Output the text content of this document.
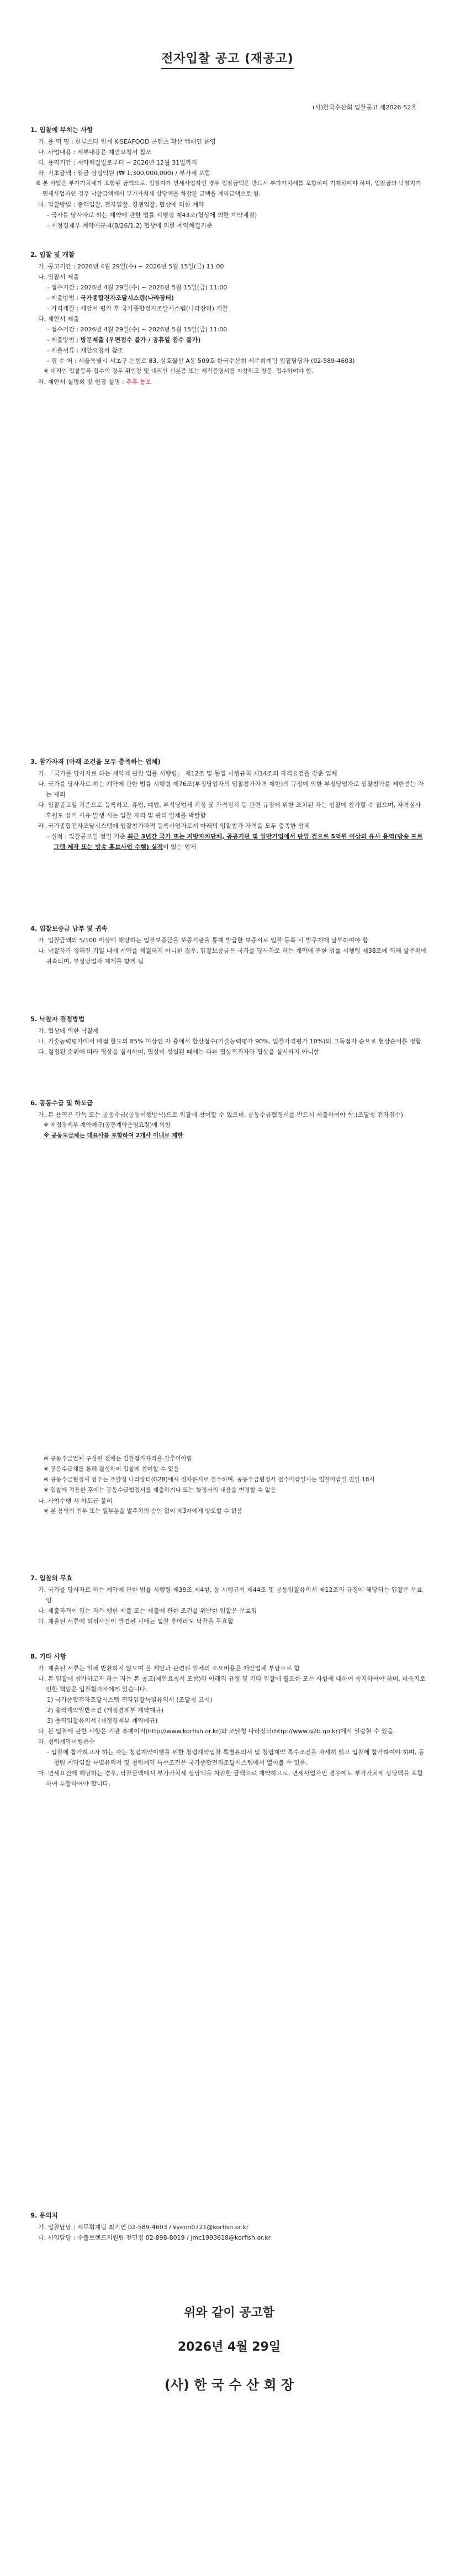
전자입찰 공고 (재공고)
(사)한국수산회 입찰공고 제2026-52호
1. 입찰에 부치는 사항

가. 용 역 명 : 한류스타 연계 K-SEAFOOD 콘텐츠 확산 캠페인 운영

나. 사업내용 : 세부내용은 제안요청서 참조

다. 용역기간 : 계약체결일로부터 ~ 2026년 12월 31일까지

라. 기초금액 : 일금 삼십억원 (₩ 1,300,000,000) / 부가세 포함

※ 본 사업은 부가가치세가 포함된 금액으로, 입찰자가 면세사업자인 경우 입찰금액은 반드시 부가가치세를 포함하여 기재하여야 하며, 입찰금과 낙찰자가 면세사업자인 경우 낙찰금액에서 부가가치세 상당액을 차감한 금액을 계약금액으로 함.

마. 입찰방법 : 총액입찰, 전자입찰, 경쟁입찰, 협상에 의한 계약

- 국가를 당사자로 하는 계약에 관한 법률 시행령 제43조(협상에 의한 계약체결)

- 재정경제부 계약예규-4(8/26/1.2) 협상에 의한 계약체결기준

2. 입찰 및 개찰

가. 공고기간 : 2026년 4월 29일(수) ~ 2026년 5월 15일(금) 11:00

나. 입찰서 제출

- 접수기간 : 2026년 4월 29일(수) ~ 2026년 5월 15일(금) 11:00

- 제출방법 : 국가종합전자조달시스템(나라장터)

- 가격개찰 : 제안서 평가 후 국가종합전자조달시스템(나라장터) 개찰

다. 제안서 제출

- 접수기간 : 2026년 4월 29일(수) ~ 2026년 5월 15일(금) 11:00

- 제출방법 : 방문제출 (우편접수 불가 / 공휴일 접수 불가)

- 제출서류 : 제안요청서 참조

- 접 수 처 : 서울특별시 서초구 논현로 83, 삼호물산 A동 509호 한국수산회 세무회계팀 입찰담당자 (02-589-4603)

※ 대리인 입찰등록 접수의 경우 위임장 및 대리인 신분증 또는 재직증명서를 지참하고 방문, 접수하여야 함.

라. 제안서 설명회 및 현장 설명 : 추후 통보

3. 참가자격 (아래 조건을 모두 충족하는 업체)

가. 「국가를 당사자로 하는 계약에 관한 법률 시행령」 제12조 및 동법 시행규칙 제14조의 자격요건을 갖춘 업체

나. 국가를 당사자로 하는 계약에 관한 법률 시행령 제76조(부정당업자의 입찰참가자격 제한)의 규정에 의한 부정당업자로 입찰참가를 제한받는 자는 제외

다. 입찰공고일 기준으로 등록하고, 휴업, 폐업, 부적당업체 지정 및 자격정지 등 관련 규정에 위한 조치된 자는 입찰에 참가할 수 없으며, 자격심사 후원도 상기 사유 발생 시는 입찰 자격 및 관리 일체를 박탈함

라. 국가종합전자조달시스템에 입찰참가자격 등록사업자로서 아래의 입찰참가 자격을 모두 충족한 업체

- 실적 : 입찰공고일 전일 기준 최근 3년간 국가 또는 지방자치단체, 공공기관 및 일반기업에서 단일 건으로 5억원 이상의 유사 용역(방송 프로그램 제작 또는 방송 홍보사업 수행) 실적이 있는 업체

4. 입찰보증금 납부 및 귀속

가. 입찰금액의 5/100 이상에 해당하는 입찰보증금을 보증기관을 통해 발급한 보증서로 입찰 등록 시 발주처에 납부하여야 함

나. 낙찰자가 정해진 기일 내에 계약을 체결하지 아니한 경우, 입찰보증금은 국가를 당사자로 하는 계약에 관한 법률 시행령 제38조에 의해 발주처에 귀속되며, 부정당업자 제재를 받게 됨

5. 낙찰자 결정방법

가. 협상에 의한 낙찰제

나. 기술능력평가에서 배점 한도의 85% 이상인 자 중에서 합산점수(기술능력평가 90%, 입찰가격평가 10%)의 고득점자 순으로 협상순서를 정함

다. 결정된 순위에 따라 협상을 실시하며, 협상이 성립된 때에는 다른 협상적격자와 협상을 실시하지 아니함

6. 공동수급 및 하도급

가. 본 용역은 단독 또는 공동수급(공동이행방식)으로 입찰에 참여할 수 있으며, 공동수급협정서를 반드시 제출하여야 함.(조달청 전자접수)

※ 재정경제부 계약예규(공동계약운영요령)에 의함

※ 공동도급체는 대표사를 포함하여 2개사 이내로 제한

※ 공동수급업체 구성원 전체는 입찰참가자격을 갖추어야함

※ 공동수급체를 통해 결성하여 입찰에 참여할 수 없음

※ 공동수급협정서 접수는 조달청 나라장터(G2B)에서 전자문서로 접수하며, 공동수급협정서 접수마감일시는 입찰마감일 전일 18시

※ 입찰에 적용한 후에는 공동수급협정서를 제출하거나 또는 합정서의 내용을 변경할 수 없음

나. 사업수행 시 하도급 불허

※ 본 용역의 전부 또는 일부분을 발주처의 승인 없이 제3자에게 양도할 수 없음

7. 입찰의 무효

가. 국가를 당사자로 하는 계약에 관한 법률 시행령 제39조 제4항, 동 시행규칙 제44조 및 공동입찰유의서 제12조의 규정에 해당되는 입찰은 무효임

나. 제출자격이 없는 자가 행한 제출 또는 제출에 관한 조건을 위반한 입찰은 무효임

다. 제출된 서류에 허위사실이 발견될 시에는 입찰 후에라도 낙찰을 무효함

8. 기타 사항

가. 제출된 서류는 일체 반환하지 않으며 본 제안과 관련된 일체의 소요비용은 제안업체 부담으로 함

나. 본 입찰에 참가하고자 하는 자는 본 공고(제안요청서 포함)와 아래의 규정 및 기타 입찰에 필요한 모든 사항에 대하여 숙지하여야 하며, 미숙지로 인한 책임은 입찰참가자에게 있습니다.

1) 국가종합전자조달시스템 전자입찰특별유의서 (조달청 고시)

2) 용역계약일반조건 (재정경제부 계약예규)

3) 용역입찰유의서 (재정경제부 계약예규)

다. 본 입찰에 관한 사항은 기관 홈페이지(http://www.korfish.or.kr)와 조달청 나라장터(http://www.g2b.go.kr)에서 열람할 수 있음.

라. 청렴계약이행준수

- 입찰에 참가하고자 하는 자는 청렴계약이행을 위한 청렴계약입찰 특별유의서 및 청렴계약 특수조건을 자세히 읽고 입찰에 참가하여야 하며, 동 청렴 계약입찰 특별유의서 및 청렴계약 특수조건은 국가종합전자조달시스템에서 열어볼 수 있음.

마. 면세요건에 해당하는 경우, 낙찰금액에서 부가가치세 상당액을 차감한 금액으로 계약하므로, 면세사업자인 경우에도 부가가치세 상당액을 포함하여 투찰하여야 합니다.

9. 문의처

가. 입찰담당 : 세무회계팀 최기연 02-589-4603 / kyeon0721@korfish.or.kr

나. 사업담당 : 수출브랜드지원팀 전민정 02-898-8019 / jmc1993618@korfish.or.kr

위와 같이 공고함
2026년 4월 29일
(사) 한 국 수 산 회 장
